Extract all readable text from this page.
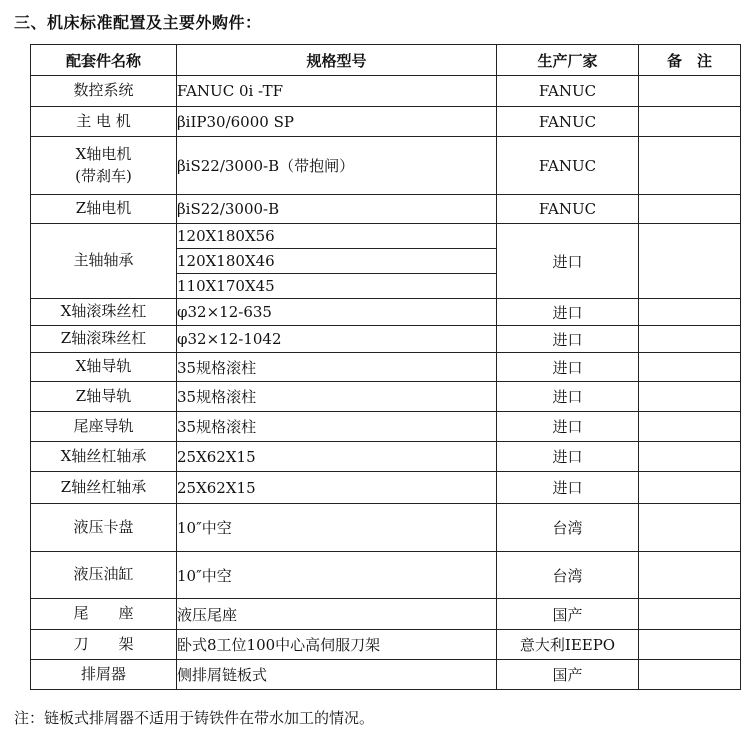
三、机床标准配置及主要外购件：
配套件名称	规格型号	生产厂家	备　注
数控系统	FANUC 0i -TF	FANUC	
主 电 机	βiIP30/6000 SP	FANUC	

X轴电机
(带刹车)	βiS22/3000-B（带抱闸）	FANUC	
Z轴电机	βiS22/3000-B	FANUC	
主轴轴承	120X180X56	进口	
	120X180X46		
	110X170X45		
X轴滚珠丝杠	φ32×12-635	进口	
Z轴滚珠丝杠	φ32×12-1042	进口	
X轴导轨	35规格滚柱	进口	
Z轴导轨	35规格滚柱	进口	
尾座导轨	35规格滚柱	进口	
X轴丝杠轴承	25X62X15	进口	
Z轴丝杠轴承	25X62X15	进口	
液压卡盘	10″中空	台湾	
液压油缸	10″中空	台湾	
尾　　座	液压尾座	国产	
刀　　架	卧式8工位100中心高伺服刀架	意大利IEEPO	
排屑器	侧排屑链板式	国产	
注：链板式排屑器不适用于铸铁件在带水加工的情况。
